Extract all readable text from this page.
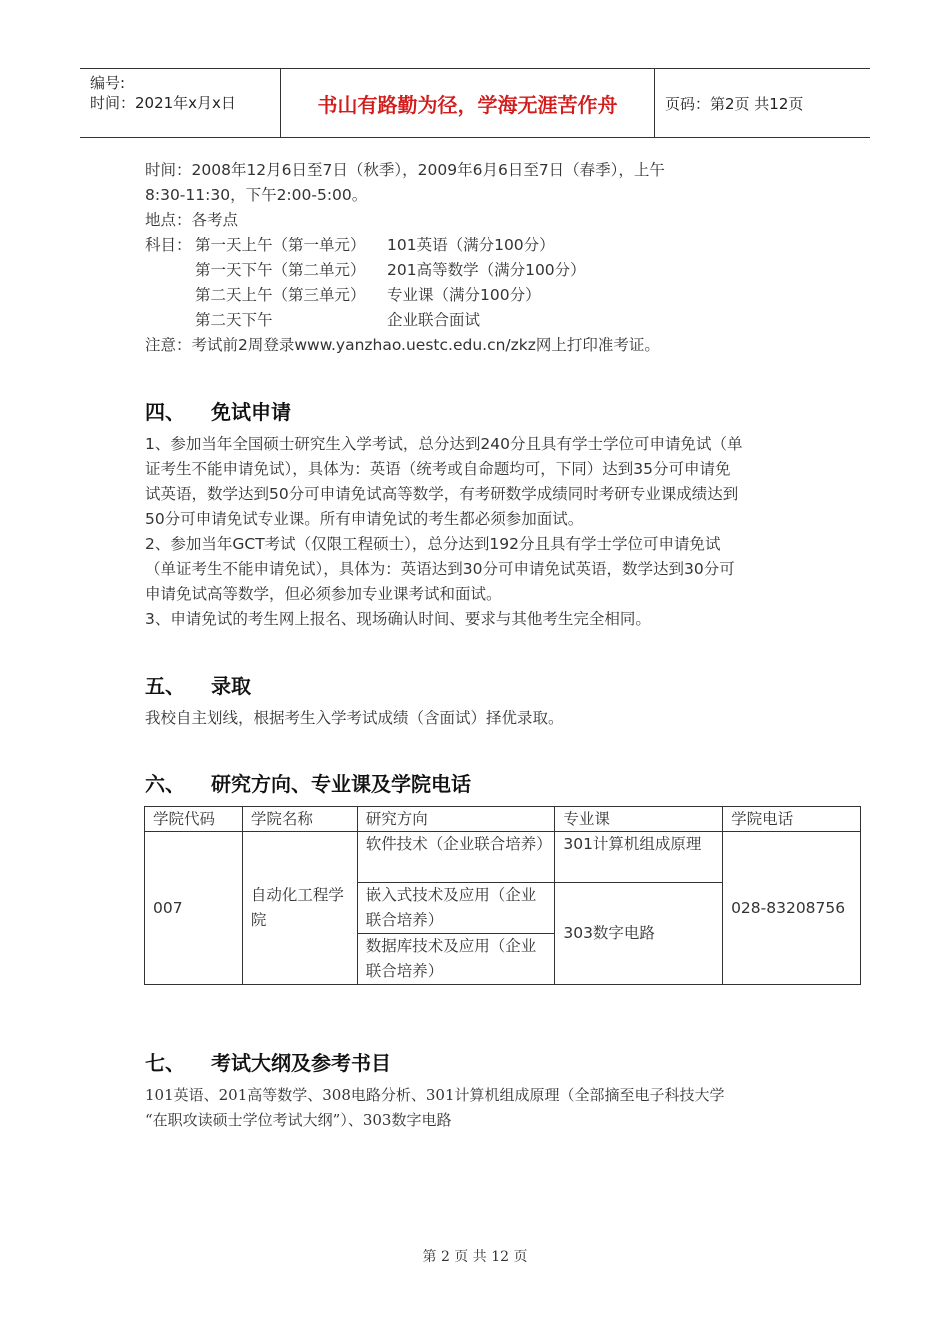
编号:
时间：2021年x月x日	书山有路勤为径，学海无涯苦作舟	页码：第2页 共12页
时间：2008年12月6日至7日（秋季），2009年6月6日至7日（春季），上午
8:30-11:30，下午2:00-5:00。
地点：各考点
科目： 第一天上午（第一单元）	101英语（满分100分）
第一天下午（第二单元）	201高等数学（满分100分）
第二天上午（第三单元）	专业课（满分100分）
第二天下午	企业联合面试
注意：考试前2周登录www.yanzhao.uestc.edu.cn/zkz网上打印准考证。
四、	免试申请
1、参加当年全国硕士研究生入学考试，总分达到240分且具有学士学位可申请免试（单
证考生不能申请免试），具体为：英语（统考或自命题均可，下同）达到35分可申请免
试英语，数学达到50分可申请免试高等数学，有考研数学成绩同时考研专业课成绩达到
50分可申请免试专业课。所有申请免试的考生都必须参加面试。
2、参加当年GCT考试（仅限工程硕士），总分达到192分且具有学士学位可申请免试
（单证考生不能申请免试），具体为：英语达到30分可申请免试英语，数学达到30分可
申请免试高等数学，但必须参加专业课考试和面试。
3、申请免试的考生网上报名、现场确认时间、要求与其他考生完全相同。
五、	录取
我校自主划线，根据考生入学考试成绩（含面试）择优录取。
六、	研究方向、专业课及学院电话
学院代码	学院名称	研究方向	专业课	学院电话
007	自动化工程学院	软件技术（企业联合培养）	301计算机组成原理	028-83208756
		嵌入式技术及应用（企业联合培养）	303数字电路	
		数据库技术及应用（企业联合培养）		
七、	考试大纲及参考书目
101英语、201高等数学、308电路分析、301计算机组成原理（全部摘至电子科技大学
“在职攻读硕士学位考试大纲”）、303数字电路
第 2 页 共 12 页
